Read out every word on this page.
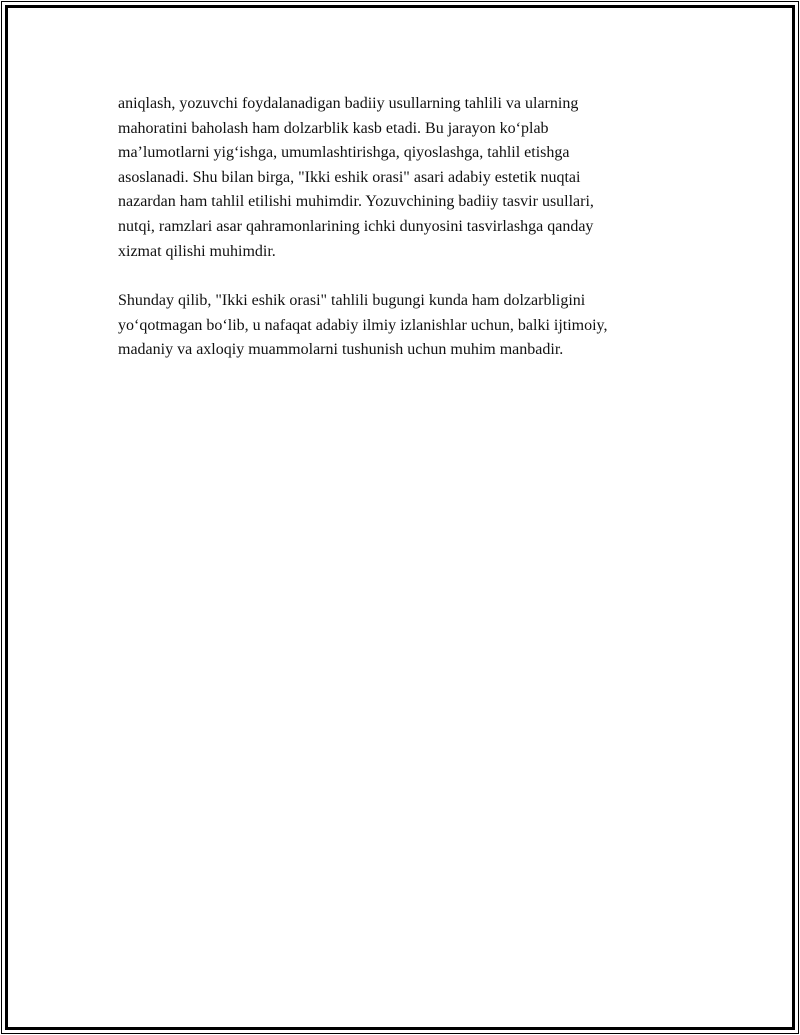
aniqlash, yozuvchi foydalanadigan badiiy usullarning tahlili va ularning
mahoratini baholash ham dolzarblik kasb etadi. Bu jarayon ko‘plab
ma’lumotlarni yig‘ishga, umumlashtirishga, qiyoslashga, tahlil etishga
asoslanadi. Shu bilan birga, "Ikki eshik orasi" asari adabiy estetik nuqtai
nazardan ham tahlil etilishi muhimdir. Yozuvchining badiiy tasvir usullari,
nutqi, ramzlari asar qahramonlarining ichki dunyosini tasvirlashga qanday
xizmat qilishi muhimdir.

Shunday qilib, "Ikki eshik orasi" tahlili bugungi kunda ham dolzarbligini
yo‘qotmagan bo‘lib, u nafaqat adabiy ilmiy izlanishlar uchun, balki ijtimoiy,
madaniy va axloqiy muammolarni tushunish uchun muhim manbadir.
